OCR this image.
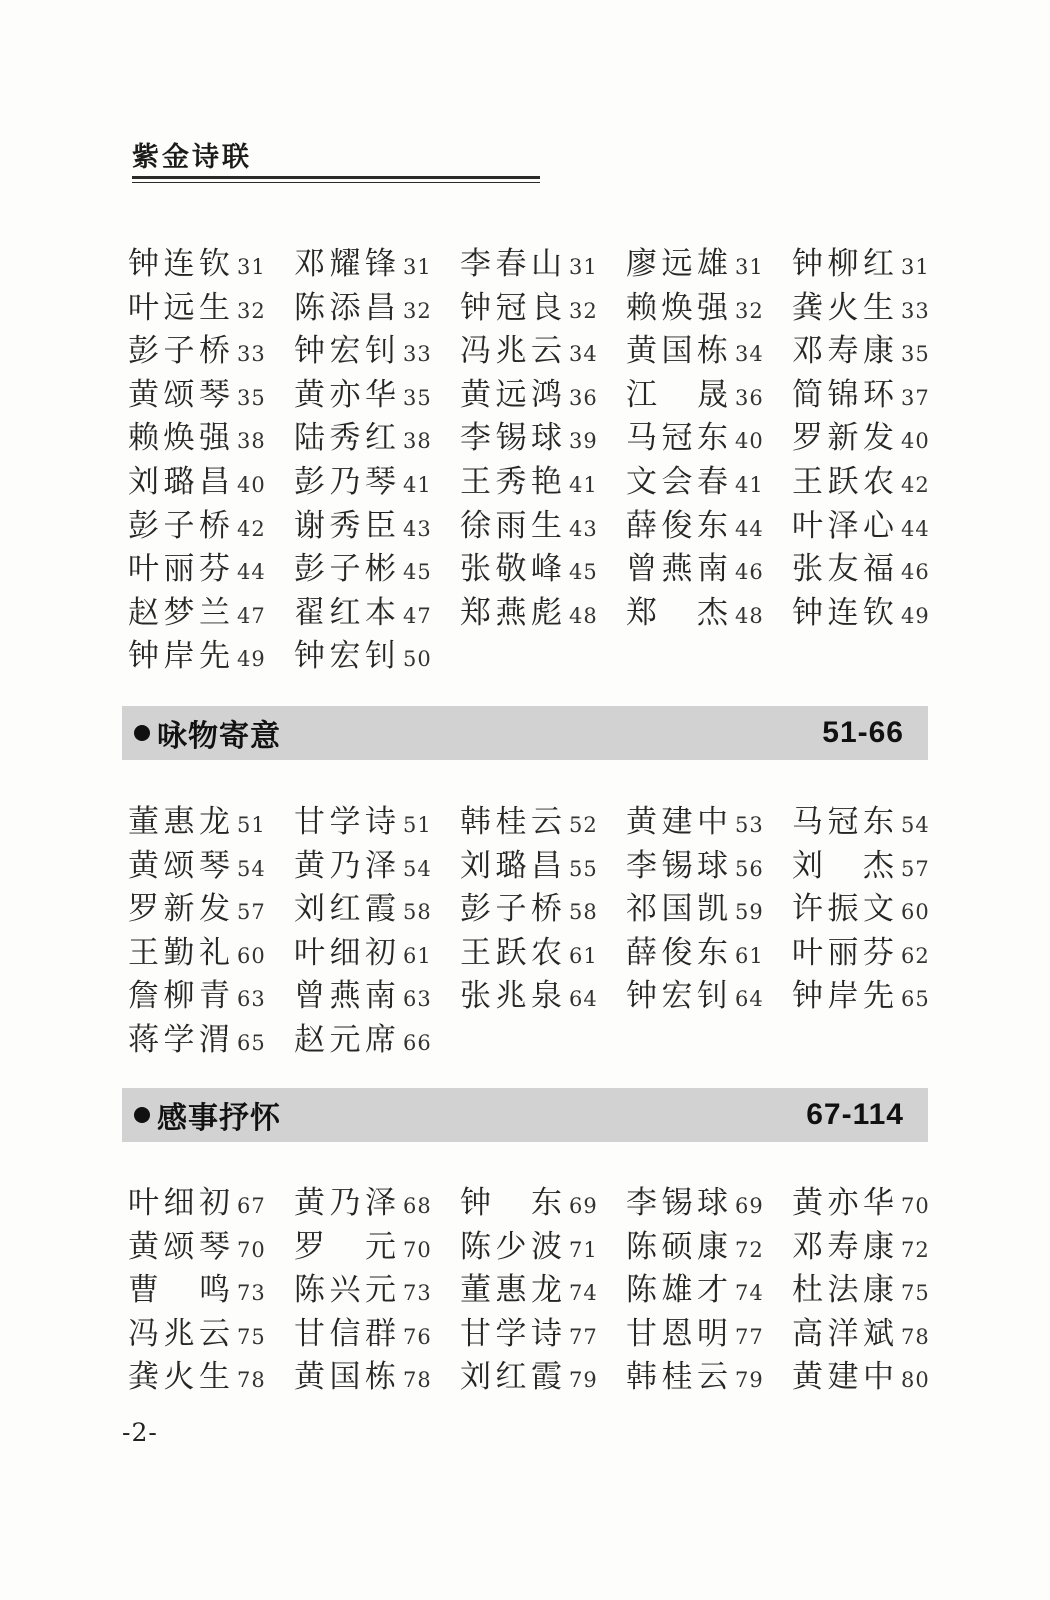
紫金诗联
钟连钦 31 邓耀锋 31 李春山 31 廖远雄 31 钟柳红 31
叶远生 32 陈添昌 32 钟冠良 32 赖焕强 32 龚火生 33
彭子桥 33 钟宏钊 33 冯兆云 34 黄国栋 34 邓寿康 35
黄颂琴 35 黄亦华 35 黄远鸿 36 江　晟 36 简锦环 37
赖焕强 38 陆秀红 38 李锡球 39 马冠东 40 罗新发 40
刘璐昌 40 彭乃琴 41 王秀艳 41 文会春 41 王跃农 42
彭子桥 42 谢秀臣 43 徐雨生 43 薛俊东 44 叶泽心 44
叶丽芬 44 彭子彬 45 张敬峰 45 曾燕南 46 张友福 46
赵梦兰 47 翟红本 47 郑燕彪 48 郑　杰 48 钟连钦 49
钟岸先 49 钟宏钊 50
咏物寄意	51-66
董惠龙 51 甘学诗 51 韩桂云 52 黄建中 53 马冠东 54
黄颂琴 54 黄乃泽 54 刘璐昌 55 李锡球 56 刘　杰 57
罗新发 57 刘红霞 58 彭子桥 58 祁国凯 59 许振文 60
王勤礼 60 叶细初 61 王跃农 61 薛俊东 61 叶丽芬 62
詹柳青 63 曾燕南 63 张兆泉 64 钟宏钊 64 钟岸先 65
蒋学渭 65 赵元席 66
感事抒怀	67-114
叶细初 67 黄乃泽 68 钟　东 69 李锡球 69 黄亦华 70
黄颂琴 70 罗　元 70 陈少波 71 陈硕康 72 邓寿康 72
曹　鸣 73 陈兴元 73 董惠龙 74 陈雄才 74 杜法康 75
冯兆云 75 甘信群 76 甘学诗 77 甘恩明 77 高洋斌 78
龚火生 78 黄国栋 78 刘红霞 79 韩桂云 79 黄建中 80
-2-
